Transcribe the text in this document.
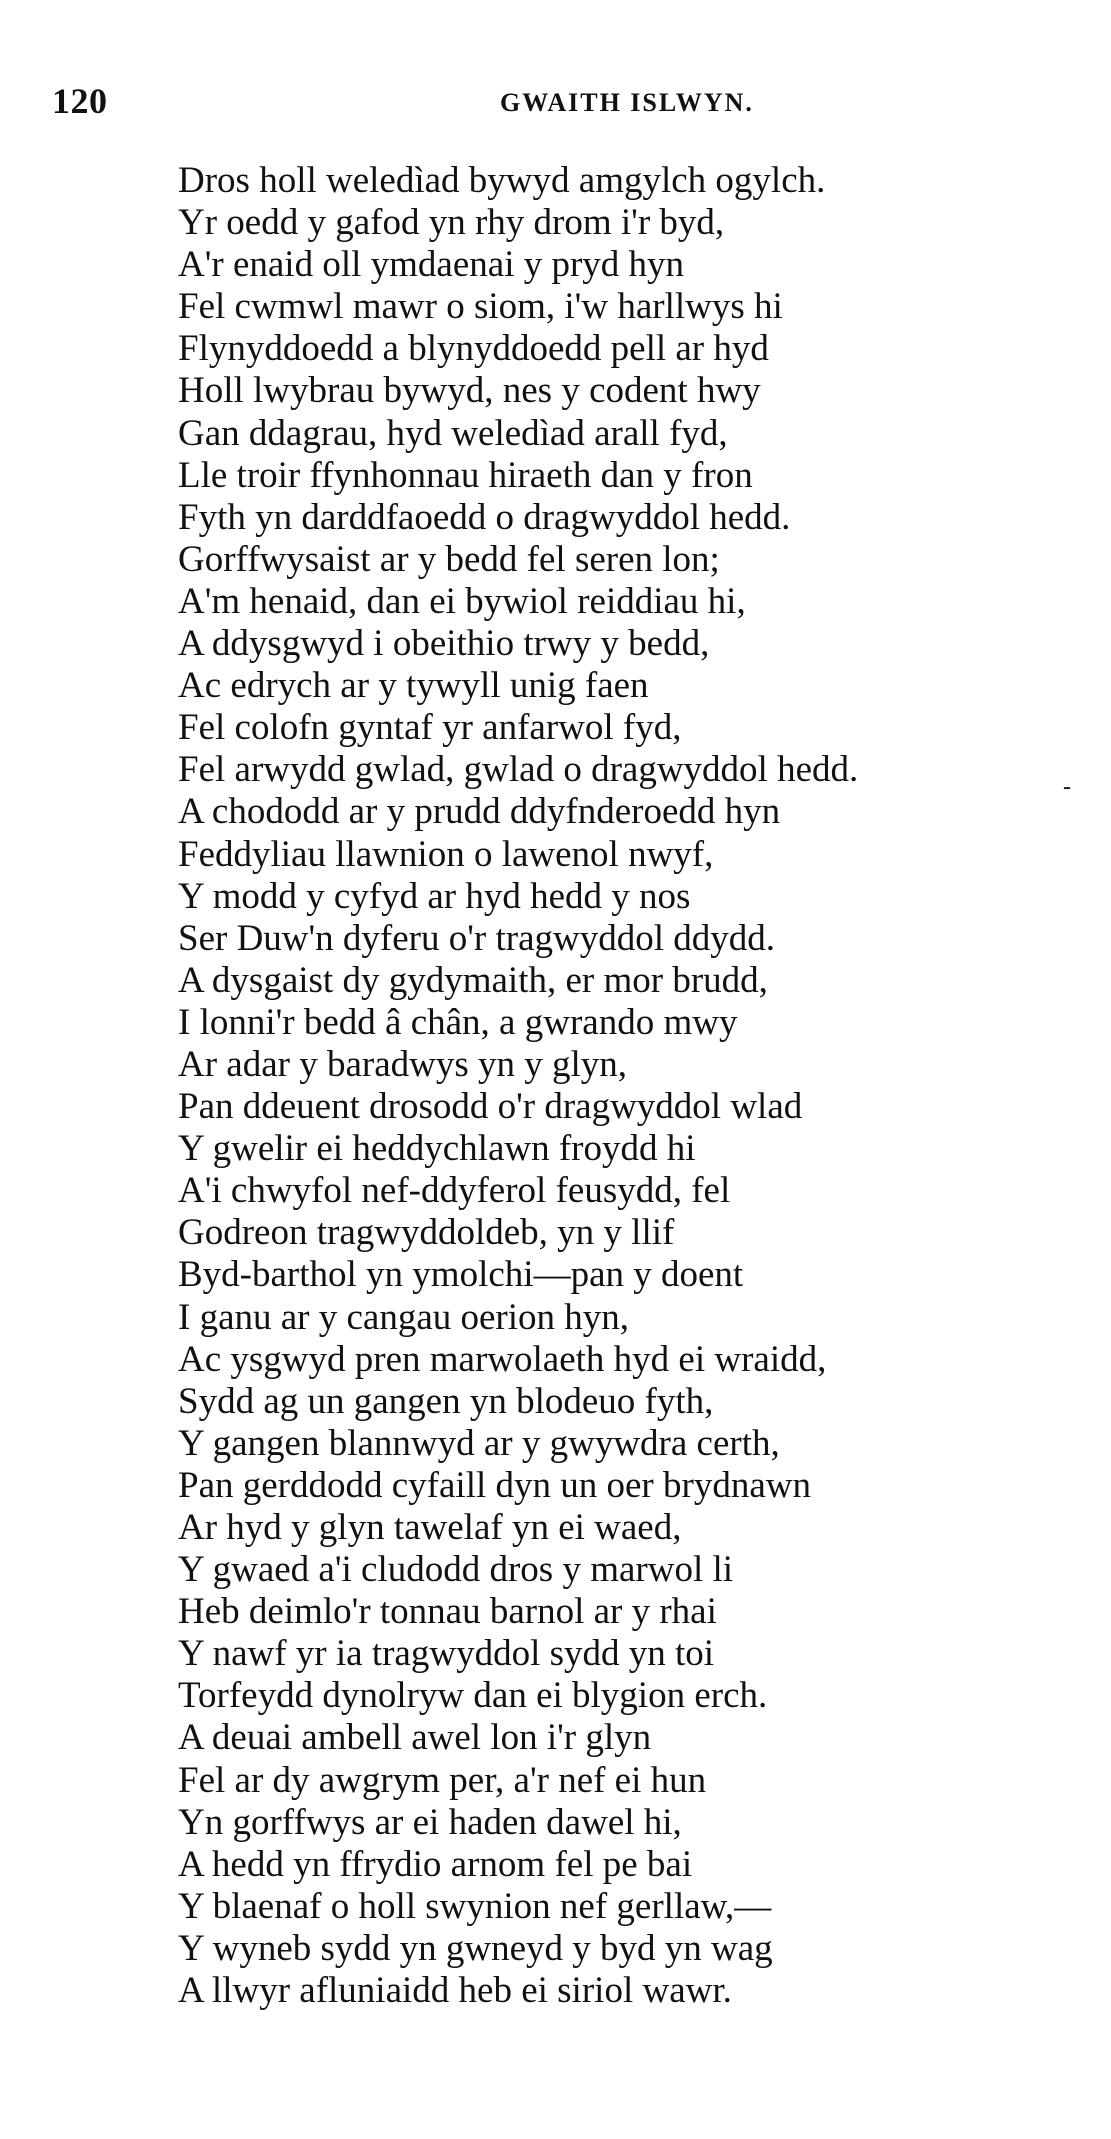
120	GWAITH ISLWYN.
Dros holl weledìad bywyd amgylch ogylch.
Yr oedd y gafod yn rhy drom i'r byd,
A'r enaid oll ymdaenai y pryd hyn
Fel cwmwl mawr o siom, i'w harllwys hi
Flynyddoedd a blynyddoedd pell ar hyd
Holl lwybrau bywyd, nes y codent hwy
Gan ddagrau, hyd weledìad arall fyd,
Lle troir ffynhonnau hiraeth dan y fron
Fyth yn darddfaoedd o dragwyddol hedd.
Gorffwysaist ar y bedd fel seren lon;
A'm henaid, dan ei bywiol reiddiau hi,
A ddysgwyd i obeithio trwy y bedd,
Ac edrych ar y tywyll unig faen
Fel colofn gyntaf yr anfarwol fyd,
Fel arwydd gwlad, gwlad o dragwyddol hedd.
A chododd ar y prudd ddyfnderoedd hyn
Feddyliau llawnion o lawenol nwyf,
Y modd y cyfyd ar hyd hedd y nos
Ser Duw'n dyferu o'r tragwyddol ddydd.
A dysgaist dy gydymaith, er mor brudd,
I lonni'r bedd â chân, a gwrando mwy
Ar adar y baradwys yn y glyn,
Pan ddeuent drosodd o'r dragwyddol wlad
Y gwelir ei heddychlawn froydd hi
A'i chwyfol nef-ddyferol feusydd, fel
Godreon tragwyddoldeb, yn y llif
Byd-barthol yn ymolchi—pan y doent
I ganu ar y cangau oerion hyn,
Ac ysgwyd pren marwolaeth hyd ei wraidd,
Sydd ag un gangen yn blodeuo fyth,
Y gangen blannwyd ar y gwywdra certh,
Pan gerddodd cyfaill dyn un oer brydnawn
Ar hyd y glyn tawelaf yn ei waed,
Y gwaed a'i cludodd dros y marwol li
Heb deimlo'r tonnau barnol ar y rhai
Y nawf yr ia tragwyddol sydd yn toi
Torfeydd dynolryw dan ei blygion erch.
A deuai ambell awel lon i'r glyn
Fel ar dy awgrym per, a'r nef ei hun
Yn gorffwys ar ei haden dawel hi,
A hedd yn ffrydio arnom fel pe bai
Y blaenaf o holl swynion nef gerllaw,—
Y wyneb sydd yn gwneyd y byd yn wag
A llwyr afluniaidd heb ei siriol wawr.
-
